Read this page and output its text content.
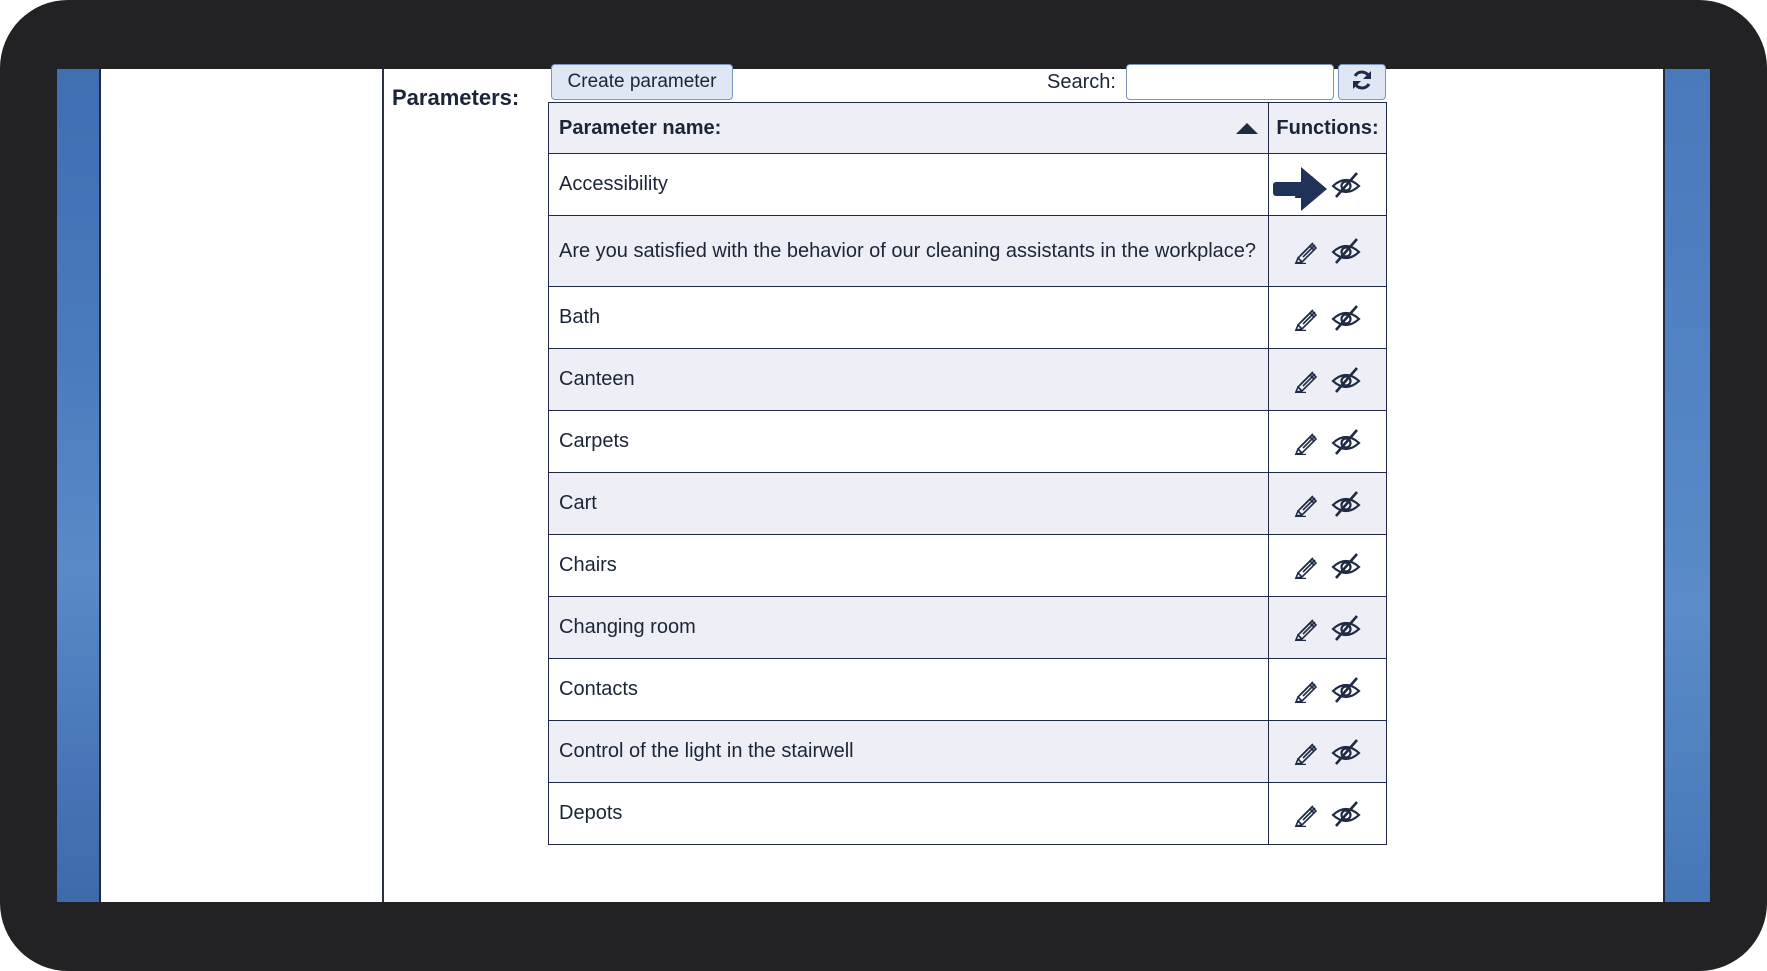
Parameters:
Create parameter	Search:
Parameter name:	Functions:
Accessibility	

Are you satisfied with the behavior of our cleaning assistants in the workplace?	

Bath	

Canteen	

Carpets	

Cart	

Chairs	

Changing room	

Contacts	

Control of the light in the stairwell	

Depots	
